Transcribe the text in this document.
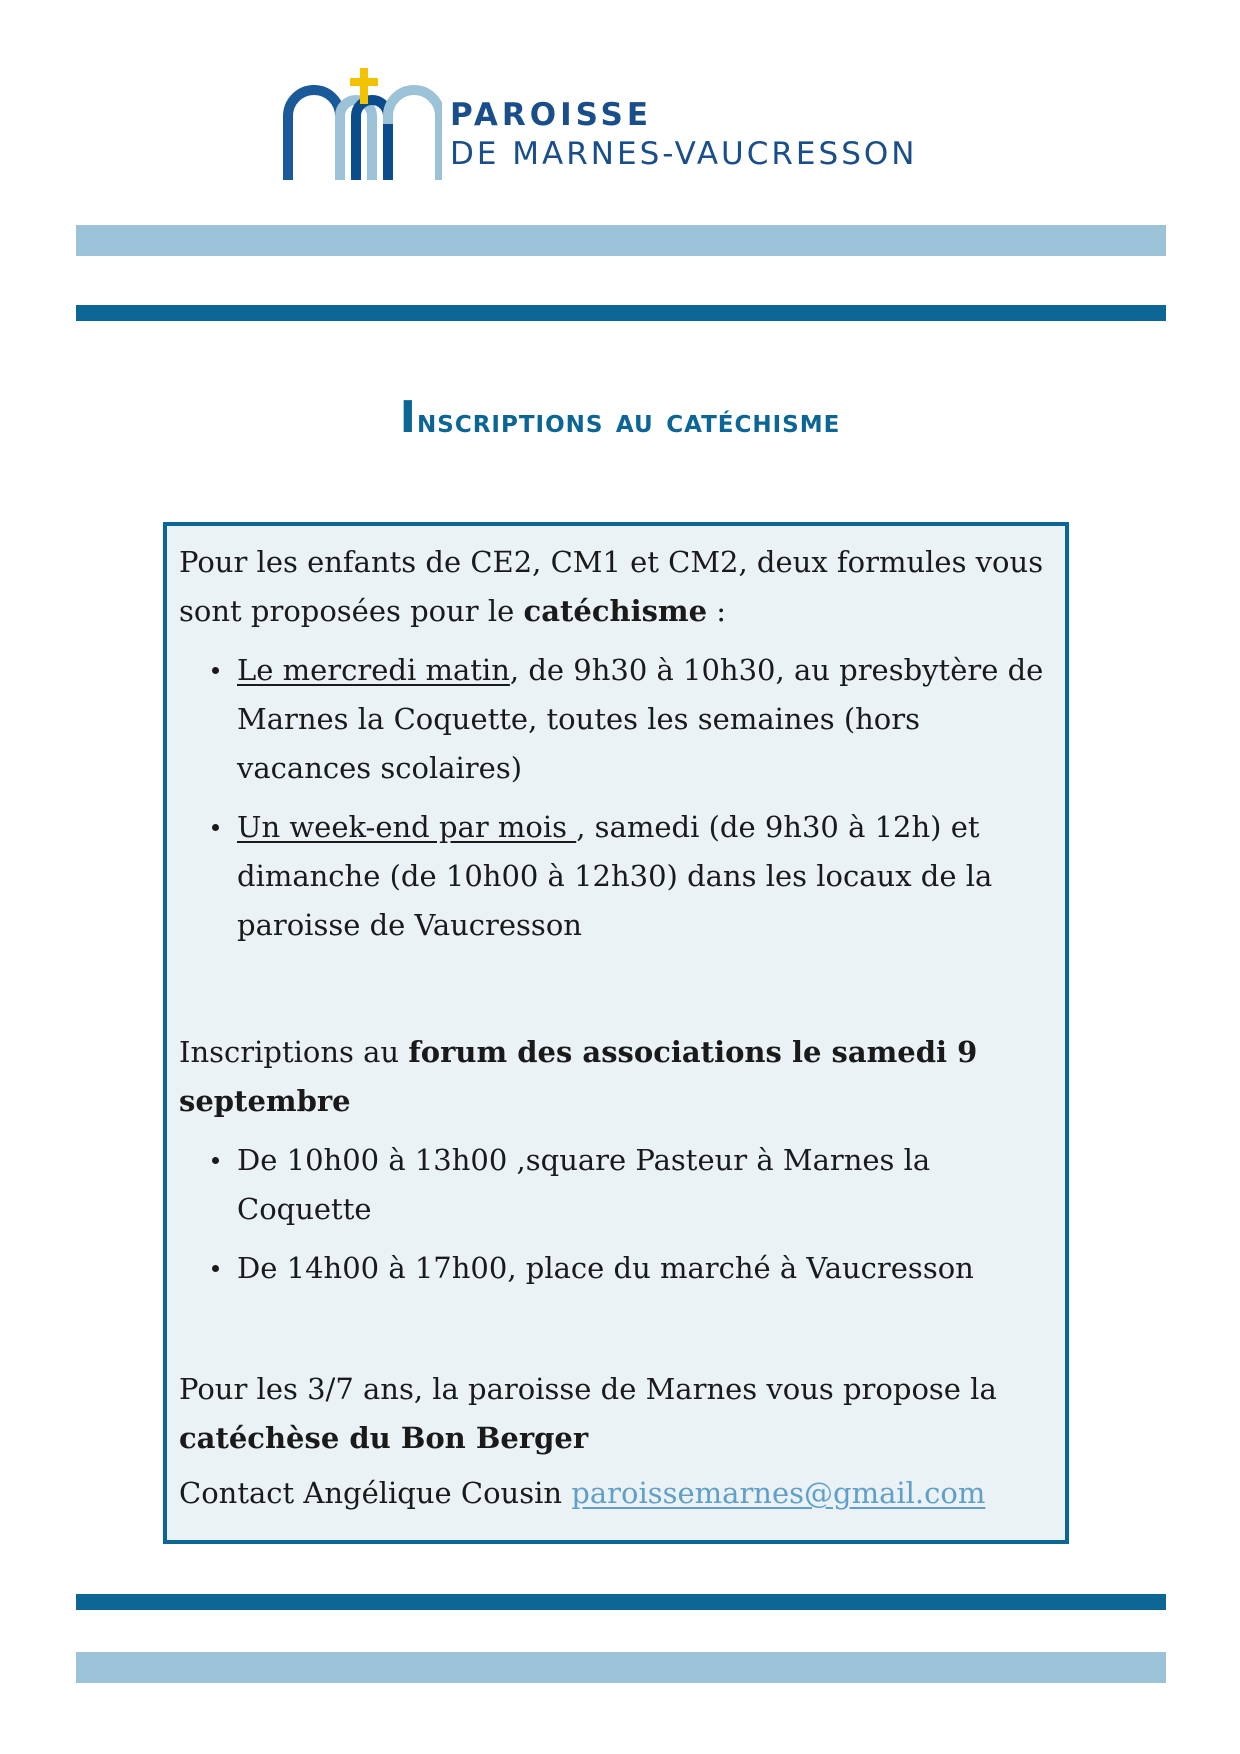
PAROISSE
DE MARNES-VAUCRESSON
Inscriptions au catéchisme

Pour les enfants de CE2, CM1 et CM2, deux formules vous sont proposées pour le catéchisme :

Le mercredi matin, de 9h30 à 10h30, au presbytère de Marnes la Coquette, toutes les semaines (hors vacances scolaires)
Un week-end par mois , samedi (de 9h30 à 12h) et dimanche (de 10h00 à 12h30) dans les locaux de la paroisse de Vaucresson

Inscriptions au forum des associations le samedi 9 septembre

De 10h00 à 13h00 ,square Pasteur à Marnes la Coquette
De 14h00 à 17h00, place du marché à Vaucresson

Pour les 3/7 ans, la paroisse de Marnes vous propose la catéchèse du Bon Berger

Contact Angélique Cousin paroissemarnes@gmail.com
